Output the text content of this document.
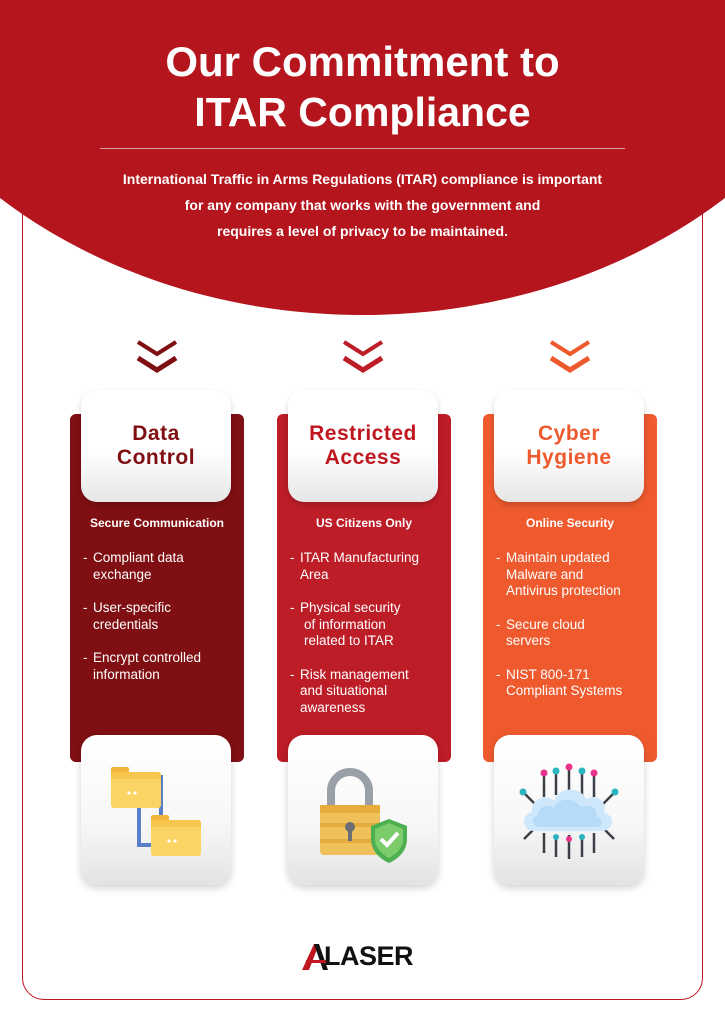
Our Commitment to
ITAR Compliance
International Traffic in Arms Regulations (ITAR) compliance is important
for any company that works with the government and
requires a level of privacy to be maintained.
Data
Control
Secure Communication
- Compliant data
exchange
- User-specific
credentials
- Encrypt controlled
information
Restricted
Access
US Citizens Only
- ITAR Manufacturing
Area
- Physical security
of information
related to ITAR
- Risk management
and situational
awareness
Cyber
Hygiene
Online Security
- Maintain updated
Malware and
Antivirus protection
- Secure cloud
servers
- NIST 800-171
Compliant Systems
LASER
